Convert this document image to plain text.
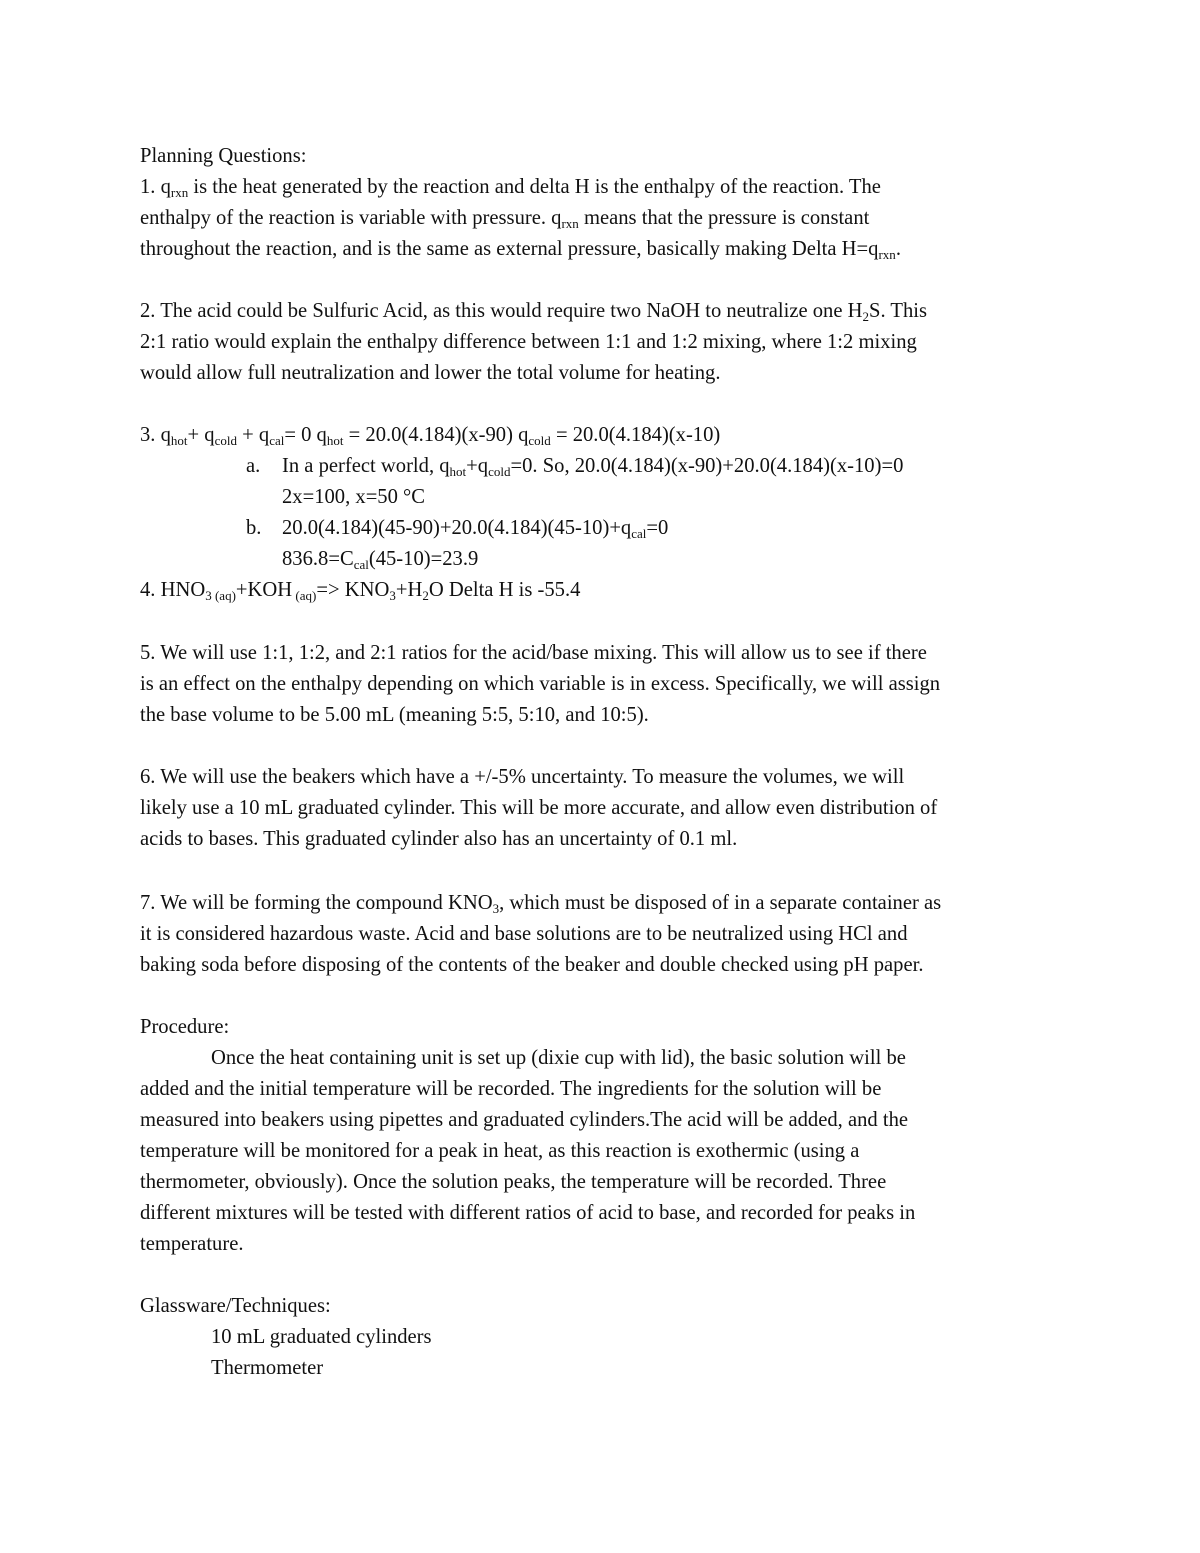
Planning Questions:

1. $q_{rxn}$ is the heat generated by the reaction and delta H is the enthalpy of the reaction. The

enthalpy of the reaction is variable with pressure. $q_{rxn}$ means that the pressure is constant

throughout the reaction, and is the same as external pressure, basically making Delta $H=q_{rxn}$.

2. The acid could be Sulfuric Acid, as this would require two NaOH to neutralize one $H_2S$. This

2:1 ratio would explain the enthalpy difference between 1:1 and 1:2 mixing, where 1:2 mixing

would allow full neutralization and lower the total volume for heating.

3. $q_{hot}+ q_{cold} + q_{cal}= 0$ $q_{hot} = 20.0(4.184)(x-90) q_{cold} = 20.0(4.184)(x-10)$

a. In a perfect world, $q_{hot}+q_{cold}=0$. So, 20.0(4.184)(x-90)+20.0(4.184)(x-10)=0

2x=100, x=50 °C

b. $20.0(4.184)(45-90)+20.0(4.184)(45-10)+q_{cal}=0$

$836.8=C_{cal}(45-10)=23.9$

4. $HNO_{3 (aq)}+KOH$ $_{(aq)}=> KNO_3+H_2O$ Delta H is -55.4

5. We will use 1:1, 1:2, and 2:1 ratios for the acid/base mixing. This will allow us to see if there

is an effect on the enthalpy depending on which variable is in excess. Specifically, we will assign

the base volume to be 5.00 mL (meaning 5:5, 5:10, and 10:5).

6. We will use the beakers which have a +/-5% uncertainty. To measure the volumes, we will

likely use a 10 mL graduated cylinder. This will be more accurate, and allow even distribution of

acids to bases. This graduated cylinder also has an uncertainty of 0.1 ml.

7. We will be forming the compound $KNO_3$, which must be disposed of in a separate container as

it is considered hazardous waste. Acid and base solutions are to be neutralized using HCl and

baking soda before disposing of the contents of the beaker and double checked using pH paper.

Procedure:

Once the heat containing unit is set up (dixie cup with lid), the basic solution will be

added and the initial temperature will be recorded. The ingredients for the solution will be

measured into beakers using pipettes and graduated cylinders.The acid will be added, and the

temperature will be monitored for a peak in heat, as this reaction is exothermic (using a

thermometer, obviously). Once the solution peaks, the temperature will be recorded. Three

different mixtures will be tested with different ratios of acid to base, and recorded for peaks in

temperature.

Glassware/Techniques:

10 mL graduated cylinders

Thermometer
